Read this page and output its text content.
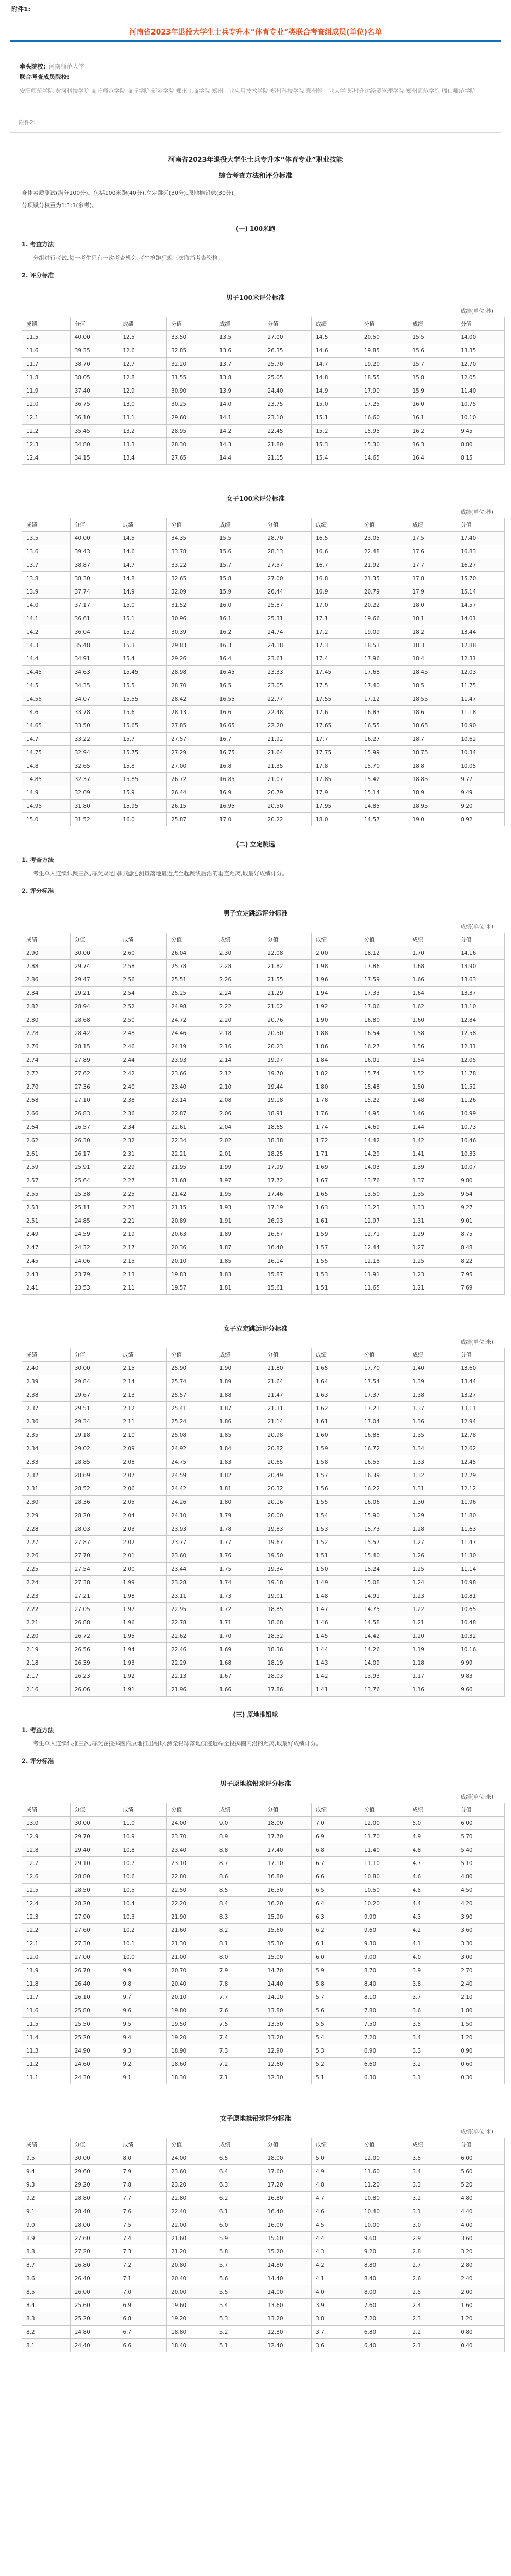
附件1:
河南省2023年退役大学生士兵专升本“体育专业”类联合考查组成员(单位)名单
牵头院校: 河南师范大学
联合考查成员院校:
安阳师范学院 黄河科技学院 商丘师范学院 商丘学院 新乡学院 郑州工商学院 郑州工业应用技术学院 郑州科技学院 郑州轻工业大学 郑州升达经贸管理学院 郑州师范学院 周口师范学院
附件2:
河南省2023年退役大学生士兵专升本“体育专业”职业技能
综合考查方法和评分标准
身体素质测试(满分100分)。包括100米跑(40分),立定跳远(30分),原地推铅球(30分)。
分项赋分权重为1:1:1(参考)。
(一) 100米跑
1. 考查方法
分组进行考试,每一考生只有一次考查机会,考生抢跑犯规三次取消考查资格。
2. 评分标准
男子100米评分标准
成绩(单位:秒)
成绩	分值	成绩	分值	成绩	分值	成绩	分值	成绩	分值
11.5	40.00	12.5	33.50	13.5	27.00	14.5	20.50	15.5	14.00
11.6	39.35	12.6	32.85	13.6	26.35	14.6	19.85	15.6	13.35
11.7	38.70	12.7	32.20	13.7	25.70	14.7	19.20	15.7	12.70
11.8	38.05	12.8	31.55	13.8	25.05	14.8	18.55	15.8	12.05
11.9	37.40	12.9	30.90	13.9	24.40	14.9	17.90	15.9	11.40
12.0	36.75	13.0	30.25	14.0	23.75	15.0	17.25	16.0	10.75
12.1	36.10	13.1	29.60	14.1	23.10	15.1	16.60	16.1	10.10
12.2	35.45	13.2	28.95	14.2	22.45	15.2	15.95	16.2	9.45
12.3	34.80	13.3	28.30	14.3	21.80	15.3	15.30	16.3	8.80
12.4	34.15	13.4	27.65	14.4	21.15	15.4	14.65	16.4	8.15
女子100米评分标准
成绩(单位:秒)
成绩	分值	成绩	分值	成绩	分值	成绩	分值	成绩	分值
13.5	40.00	14.5	34.35	15.5	28.70	16.5	23.05	17.5	17.40
13.6	39.43	14.6	33.78	15.6	28.13	16.6	22.48	17.6	16.83
13.7	38.87	14.7	33.22	15.7	27.57	16.7	21.92	17.7	16.27
13.8	38.30	14.8	32.65	15.8	27.00	16.8	21.35	17.8	15.70
13.9	37.74	14.9	32.09	15.9	26.44	16.9	20.79	17.9	15.14
14.0	37.17	15.0	31.52	16.0	25.87	17.0	20.22	18.0	14.57
14.1	36.61	15.1	30.96	16.1	25.31	17.1	19.66	18.1	14.01
14.2	36.04	15.2	30.39	16.2	24.74	17.2	19.09	18.2	13.44
14.3	35.48	15.3	29.83	16.3	24.18	17.3	18.53	18.3	12.88
14.4	34.91	15.4	29.26	16.4	23.61	17.4	17.96	18.4	12.31
14.45	34.63	15.45	28.98	16.45	23.33	17.45	17.68	18.45	12.03
14.5	34.35	15.5	28.70	16.5	23.05	17.5	17.40	18.5	11.75
14.55	34.07	15.55	28.42	16.55	22.77	17.55	17.12	18.55	11.47
14.6	33.78	15.6	28.13	16.6	22.48	17.6	16.83	18.6	11.18
14.65	33.50	15.65	27.85	16.65	22.20	17.65	16.55	18.65	10.90
14.7	33.22	15.7	27.57	16.7	21.92	17.7	16.27	18.7	10.62
14.75	32.94	15.75	27.29	16.75	21.64	17.75	15.99	18.75	10.34
14.8	32.65	15.8	27.00	16.8	21.35	17.8	15.70	18.8	10.05
14.85	32.37	15.85	26.72	16.85	21.07	17.85	15.42	18.85	9.77
14.9	32.09	15.9	26.44	16.9	20.79	17.9	15.14	18.9	9.49
14.95	31.80	15.95	26.15	16.95	20.50	17.95	14.85	18.95	9.20
15.0	31.52	16.0	25.87	17.0	20.22	18.0	14.57	19.0	8.92
(二) 立定跳远
1. 考查方法
考生单人连续试跳三次,每次双足同时起跳,测量落地最近点至起跳线后沿的垂直距离,取最好成绩计分。
2. 评分标准
男子立定跳远评分标准
成绩(单位:米)
成绩	分值	成绩	分值	成绩	分值	成绩	分值	成绩	分值
2.90	30.00	2.60	26.04	2.30	22.08	2.00	18.12	1.70	14.16
2.88	29.74	2.58	25.78	2.28	21.82	1.98	17.86	1.68	13.90
2.86	29.47	2.56	25.51	2.26	21.55	1.96	17.59	1.66	13.63
2.84	29.21	2.54	25.25	2.24	21.29	1.94	17.33	1.64	13.37
2.82	28.94	2.52	24.98	2.22	21.02	1.92	17.06	1.62	13.10
2.80	28.68	2.50	24.72	2.20	20.76	1.90	16.80	1.60	12.84
2.78	28.42	2.48	24.46	2.18	20.50	1.88	16.54	1.58	12.58
2.76	28.15	2.46	24.19	2.16	20.23	1.86	16.27	1.56	12.31
2.74	27.89	2.44	23.93	2.14	19.97	1.84	16.01	1.54	12.05
2.72	27.62	2.42	23.66	2.12	19.70	1.82	15.74	1.52	11.78
2.70	27.36	2.40	23.40	2.10	19.44	1.80	15.48	1.50	11.52
2.68	27.10	2.38	23.14	2.08	19.18	1.78	15.22	1.48	11.26
2.66	26.83	2.36	22.87	2.06	18.91	1.76	14.95	1.46	10.99
2.64	26.57	2.34	22.61	2.04	18.65	1.74	14.69	1.44	10.73
2.62	26.30	2.32	22.34	2.02	18.38	1.72	14.42	1.42	10.46
2.61	26.17	2.31	22.21	2.01	18.25	1.71	14.29	1.41	10.33
2.59	25.91	2.29	21.95	1.99	17.99	1.69	14.03	1.39	10.07
2.57	25.64	2.27	21.68	1.97	17.72	1.67	13.76	1.37	9.80
2.55	25.38	2.25	21.42	1.95	17.46	1.65	13.50	1.35	9.54
2.53	25.11	2.23	21.15	1.93	17.19	1.63	13.23	1.33	9.27
2.51	24.85	2.21	20.89	1.91	16.93	1.61	12.97	1.31	9.01
2.49	24.59	2.19	20.63	1.89	16.67	1.59	12.71	1.29	8.75
2.47	24.32	2.17	20.36	1.87	16.40	1.57	12.44	1.27	8.48
2.45	24.06	2.15	20.10	1.85	16.14	1.55	12.18	1.25	8.22
2.43	23.79	2.13	19.83	1.83	15.87	1.53	11.91	1.23	7.95
2.41	23.53	2.11	19.57	1.81	15.61	1.51	11.65	1.21	7.69
女子立定跳远评分标准
成绩(单位:米)
成绩	分值	成绩	分值	成绩	分值	成绩	分值	成绩	分值
2.40	30.00	2.15	25.90	1.90	21.80	1.65	17.70	1.40	13.60
2.39	29.84	2.14	25.74	1.89	21.64	1.64	17.54	1.39	13.44
2.38	29.67	2.13	25.57	1.88	21.47	1.63	17.37	1.38	13.27
2.37	29.51	2.12	25.41	1.87	21.31	1.62	17.21	1.37	13.11
2.36	29.34	2.11	25.24	1.86	21.14	1.61	17.04	1.36	12.94
2.35	29.18	2.10	25.08	1.85	20.98	1.60	16.88	1.35	12.78
2.34	29.02	2.09	24.92	1.84	20.82	1.59	16.72	1.34	12.62
2.33	28.85	2.08	24.75	1.83	20.65	1.58	16.55	1.33	12.45
2.32	28.69	2.07	24.59	1.82	20.49	1.57	16.39	1.32	12.29
2.31	28.52	2.06	24.42	1.81	20.32	1.56	16.22	1.31	12.12
2.30	28.36	2.05	24.26	1.80	20.16	1.55	16.06	1.30	11.96
2.29	28.20	2.04	24.10	1.79	20.00	1.54	15.90	1.29	11.80
2.28	28.03	2.03	23.93	1.78	19.83	1.53	15.73	1.28	11.63
2.27	27.87	2.02	23.77	1.77	19.67	1.52	15.57	1.27	11.47
2.26	27.70	2.01	23.60	1.76	19.50	1.51	15.40	1.26	11.30
2.25	27.54	2.00	23.44	1.75	19.34	1.50	15.24	1.25	11.14
2.24	27.38	1.99	23.28	1.74	19.18	1.49	15.08	1.24	10.98
2.23	27.21	1.98	23.11	1.73	19.01	1.48	14.91	1.23	10.81
2.22	27.05	1.97	22.95	1.72	18.85	1.47	14.75	1.22	10.65
2.21	26.88	1.96	22.78	1.71	18.68	1.46	14.58	1.21	10.48
2.20	26.72	1.95	22.62	1.70	18.52	1.45	14.42	1.20	10.32
2.19	26.56	1.94	22.46	1.69	18.36	1.44	14.26	1.19	10.16
2.18	26.39	1.93	22.29	1.68	18.19	1.43	14.09	1.18	9.99
2.17	26.23	1.92	22.13	1.67	18.03	1.42	13.93	1.17	9.83
2.16	26.06	1.91	21.96	1.66	17.86	1.41	13.76	1.16	9.66
(三) 原地推铅球
1. 考查方法
考生单人连续试推三次,每次在投掷圈内原地推出铅球,测量铅球落地痕迹近端至投掷圈内沿的距离,取最好成绩计分。
2. 评分标准
男子原地推铅球评分标准
成绩(单位:米)
成绩	分值	成绩	分值	成绩	分值	成绩	分值	成绩	分值
13.0	30.00	11.0	24.00	9.0	18.00	7.0	12.00	5.0	6.00
12.9	29.70	10.9	23.70	8.9	17.70	6.9	11.70	4.9	5.70
12.8	29.40	10.8	23.40	8.8	17.40	6.8	11.40	4.8	5.40
12.7	29.10	10.7	23.10	8.7	17.10	6.7	11.10	4.7	5.10
12.6	28.80	10.6	22.80	8.6	16.80	6.6	10.80	4.6	4.80
12.5	28.50	10.5	22.50	8.5	16.50	6.5	10.50	4.5	4.50
12.4	28.20	10.4	22.20	8.4	16.20	6.4	10.20	4.4	4.20
12.3	27.90	10.3	21.90	8.3	15.90	6.3	9.90	4.3	3.90
12.2	27.60	10.2	21.60	8.2	15.60	6.2	9.60	4.2	3.60
12.1	27.30	10.1	21.30	8.1	15.30	6.1	9.30	4.1	3.30
12.0	27.00	10.0	21.00	8.0	15.00	6.0	9.00	4.0	3.00
11.9	26.70	9.9	20.70	7.9	14.70	5.9	8.70	3.9	2.70
11.8	26.40	9.8	20.40	7.8	14.40	5.8	8.40	3.8	2.40
11.7	26.10	9.7	20.10	7.7	14.10	5.7	8.10	3.7	2.10
11.6	25.80	9.6	19.80	7.6	13.80	5.6	7.80	3.6	1.80
11.5	25.50	9.5	19.50	7.5	13.50	5.5	7.50	3.5	1.50
11.4	25.20	9.4	19.20	7.4	13.20	5.4	7.20	3.4	1.20
11.3	24.90	9.3	18.90	7.3	12.90	5.3	6.90	3.3	0.90
11.2	24.60	9.2	18.60	7.2	12.60	5.2	6.60	3.2	0.60
11.1	24.30	9.1	18.30	7.1	12.30	5.1	6.30	3.1	0.30
女子原地推铅球评分标准
成绩(单位:米)
成绩	分值	成绩	分值	成绩	分值	成绩	分值	成绩	分值
9.5	30.00	8.0	24.00	6.5	18.00	5.0	12.00	3.5	6.00
9.4	29.60	7.9	23.60	6.4	17.60	4.9	11.60	3.4	5.60
9.3	29.20	7.8	23.20	6.3	17.20	4.8	11.20	3.3	5.20
9.2	28.80	7.7	22.80	6.2	16.80	4.7	10.80	3.2	4.80
9.1	28.40	7.6	22.40	6.1	16.40	4.6	10.40	3.1	4.40
9.0	28.00	7.5	22.00	6.0	16.00	4.5	10.00	3.0	4.00
8.9	27.60	7.4	21.60	5.9	15.60	4.4	9.60	2.9	3.60
8.8	27.20	7.3	21.20	5.8	15.20	4.3	9.20	2.8	3.20
8.7	26.80	7.2	20.80	5.7	14.80	4.2	8.80	2.7	2.80
8.6	26.40	7.1	20.40	5.6	14.40	4.1	8.40	2.6	2.40
8.5	26.00	7.0	20.00	5.5	14.00	4.0	8.00	2.5	2.00
8.4	25.60	6.9	19.60	5.4	13.60	3.9	7.60	2.4	1.60
8.3	25.20	6.8	19.20	5.3	13.20	3.8	7.20	2.3	1.20
8.2	24.80	6.7	18.80	5.2	12.80	3.7	6.80	2.2	0.80
8.1	24.40	6.6	18.40	5.1	12.40	3.6	6.40	2.1	0.40
